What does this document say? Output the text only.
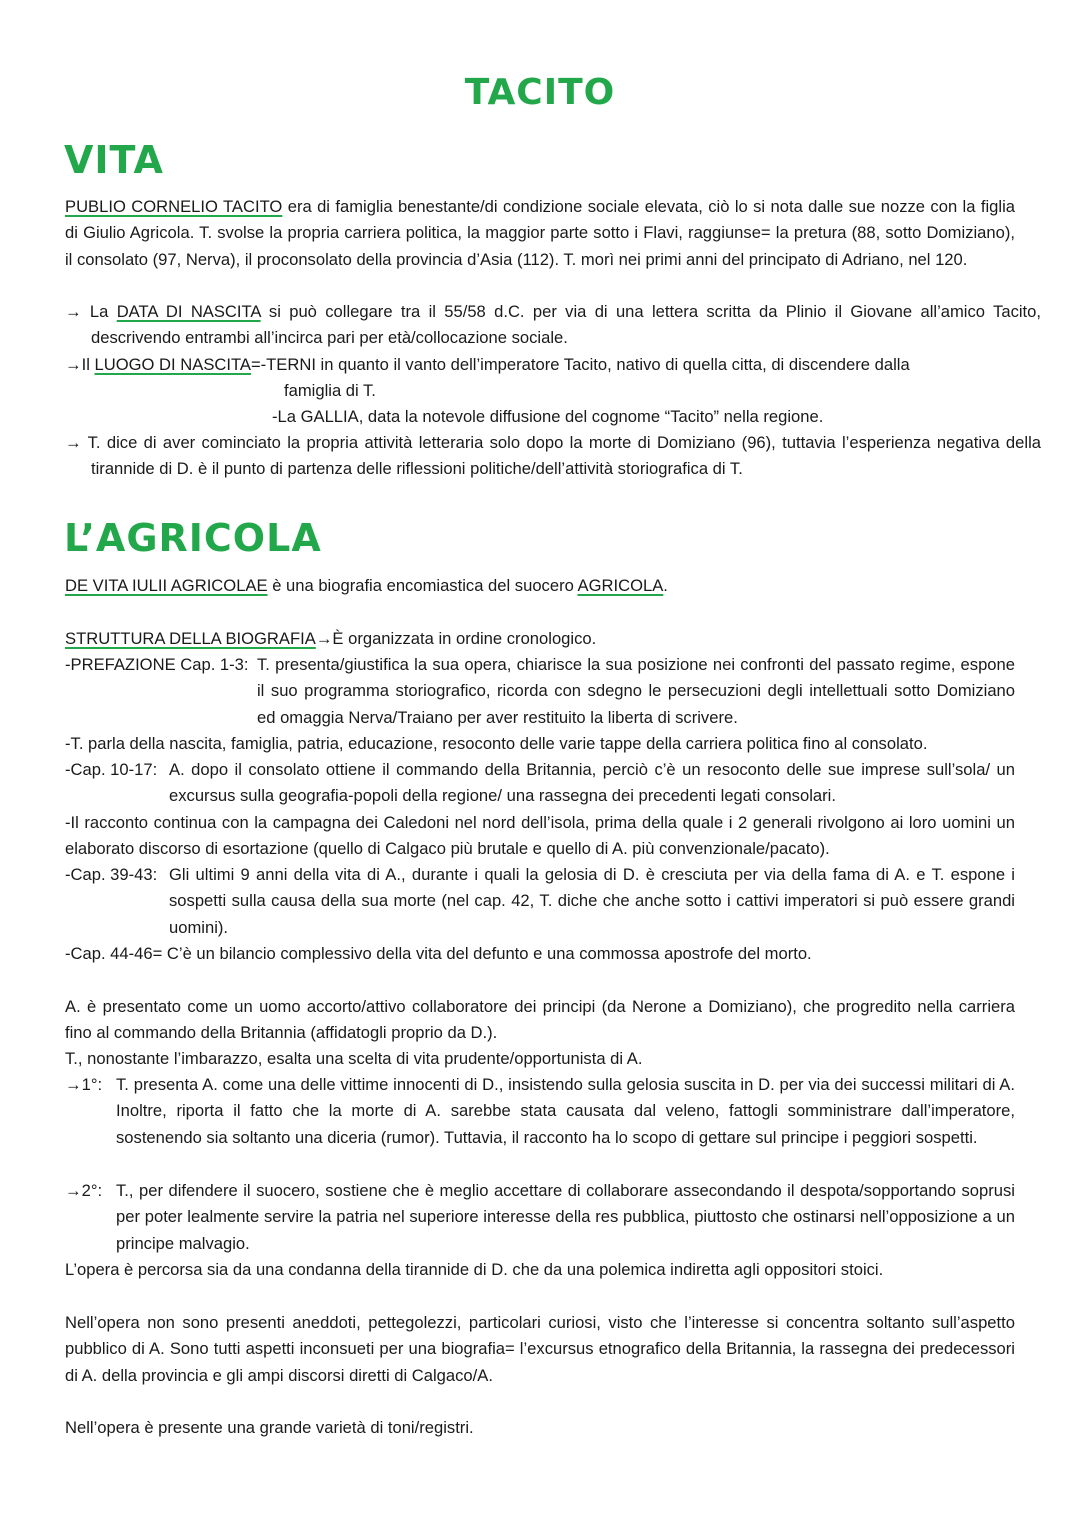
TACITO
VITA

PUBLIO CORNELIO TACITO era di famiglia benestante/di condizione sociale elevata, ciò lo si nota dalle sue nozze con la figlia di Giulio Agricola. T. svolse la propria carriera politica, la maggior parte sotto i Flavi, raggiunse= la pretura (88, sotto Domiziano), il consolato (97, Nerva), il proconsolato della provincia d’Asia (112). T. morì nei primi anni del principato di Adriano, nel 120.

→ La DATA DI NASCITA si può collegare tra il 55/58 d.C. per via di una lettera scritta da Plinio il Giovane all’amico Tacito, descrivendo entrambi all’incirca pari per età/collocazione sociale.

→Il LUOGO DI NASCITA=-TERNI in quanto il vanto dell’imperatore Tacito, nativo di quella citta, di discendere dalla

famiglia di T.

-La GALLIA, data la notevole diffusione del cognome “Tacito” nella regione.

→ T. dice di aver cominciato la propria attività letteraria solo dopo la morte di Domiziano (96), tuttavia l’esperienza negativa della tirannide di D. è il punto di partenza delle riflessioni politiche/dell’attività storiografica di T.

L’AGRICOLA

DE VITA IULII AGRICOLAE è una biografia encomiastica del suocero AGRICOLA.

STRUTTURA DELLA BIOGRAFIA→È organizzata in ordine cronologico.

-PREFAZIONE Cap. 1-3: T. presenta/giustifica la sua opera, chiarisce la sua posizione nei confronti del passato regime, espone il suo programma storiografico, ricorda con sdegno le persecuzioni degli intellettuali sotto Domiziano ed omaggia Nerva/Traiano per aver restituito la liberta di scrivere.

-T. parla della nascita, famiglia, patria, educazione, resoconto delle varie tappe della carriera politica fino al consolato.

-Cap. 10-17: A. dopo il consolato ottiene il commando della Britannia, perciò c’è un resoconto delle sue imprese sull’sola/ un excursus sulla geografia-popoli della regione/ una rassegna dei precedenti legati consolari.

-Il racconto continua con la campagna dei Caledoni nel nord dell’isola, prima della quale i 2 generali rivolgono ai loro uomini un elaborato discorso di esortazione (quello di Calgaco più brutale e quello di A. più convenzionale/pacato).

-Cap. 39-43: Gli ultimi 9 anni della vita di A., durante i quali la gelosia di D. è cresciuta per via della fama di A. e T. espone i sospetti sulla causa della sua morte (nel cap. 42, T. diche che anche sotto i cattivi imperatori si può essere grandi uomini).

-Cap. 44-46= C’è un bilancio complessivo della vita del defunto e una commossa apostrofe del morto.

A. è presentato come un uomo accorto/attivo collaboratore dei principi (da Nerone a Domiziano), che progredito nella carriera fino al commando della Britannia (affidatogli proprio da D.).

T., nonostante l’imbarazzo, esalta una scelta di vita prudente/opportunista di A.

→1°: T. presenta A. come una delle vittime innocenti di D., insistendo sulla gelosia suscita in D. per via dei successi militari di A. Inoltre, riporta il fatto che la morte di A. sarebbe stata causata dal veleno, fattogli somministrare dall’imperatore, sostenendo sia soltanto una diceria (rumor). Tuttavia, il racconto ha lo scopo di gettare sul principe i peggiori sospetti.
→2°: T., per difendere il suocero, sostiene che è meglio accettare di collaborare assecondando il despota/sopportando soprusi per poter lealmente servire la patria nel superiore interesse della res pubblica, piuttosto che ostinarsi nell’opposizione a un principe malvagio.

L’opera è percorsa sia da una condanna della tirannide di D. che da una polemica indiretta agli oppositori stoici.

Nell’opera non sono presenti aneddoti, pettegolezzi, particolari curiosi, visto che l’interesse si concentra soltanto sull’aspetto pubblico di A. Sono tutti aspetti inconsueti per una biografia= l’excursus etnografico della Britannia, la rassegna dei predecessori di A. della provincia e gli ampi discorsi diretti di Calgaco/A.

Nell’opera è presente una grande varietà di toni/registri.
